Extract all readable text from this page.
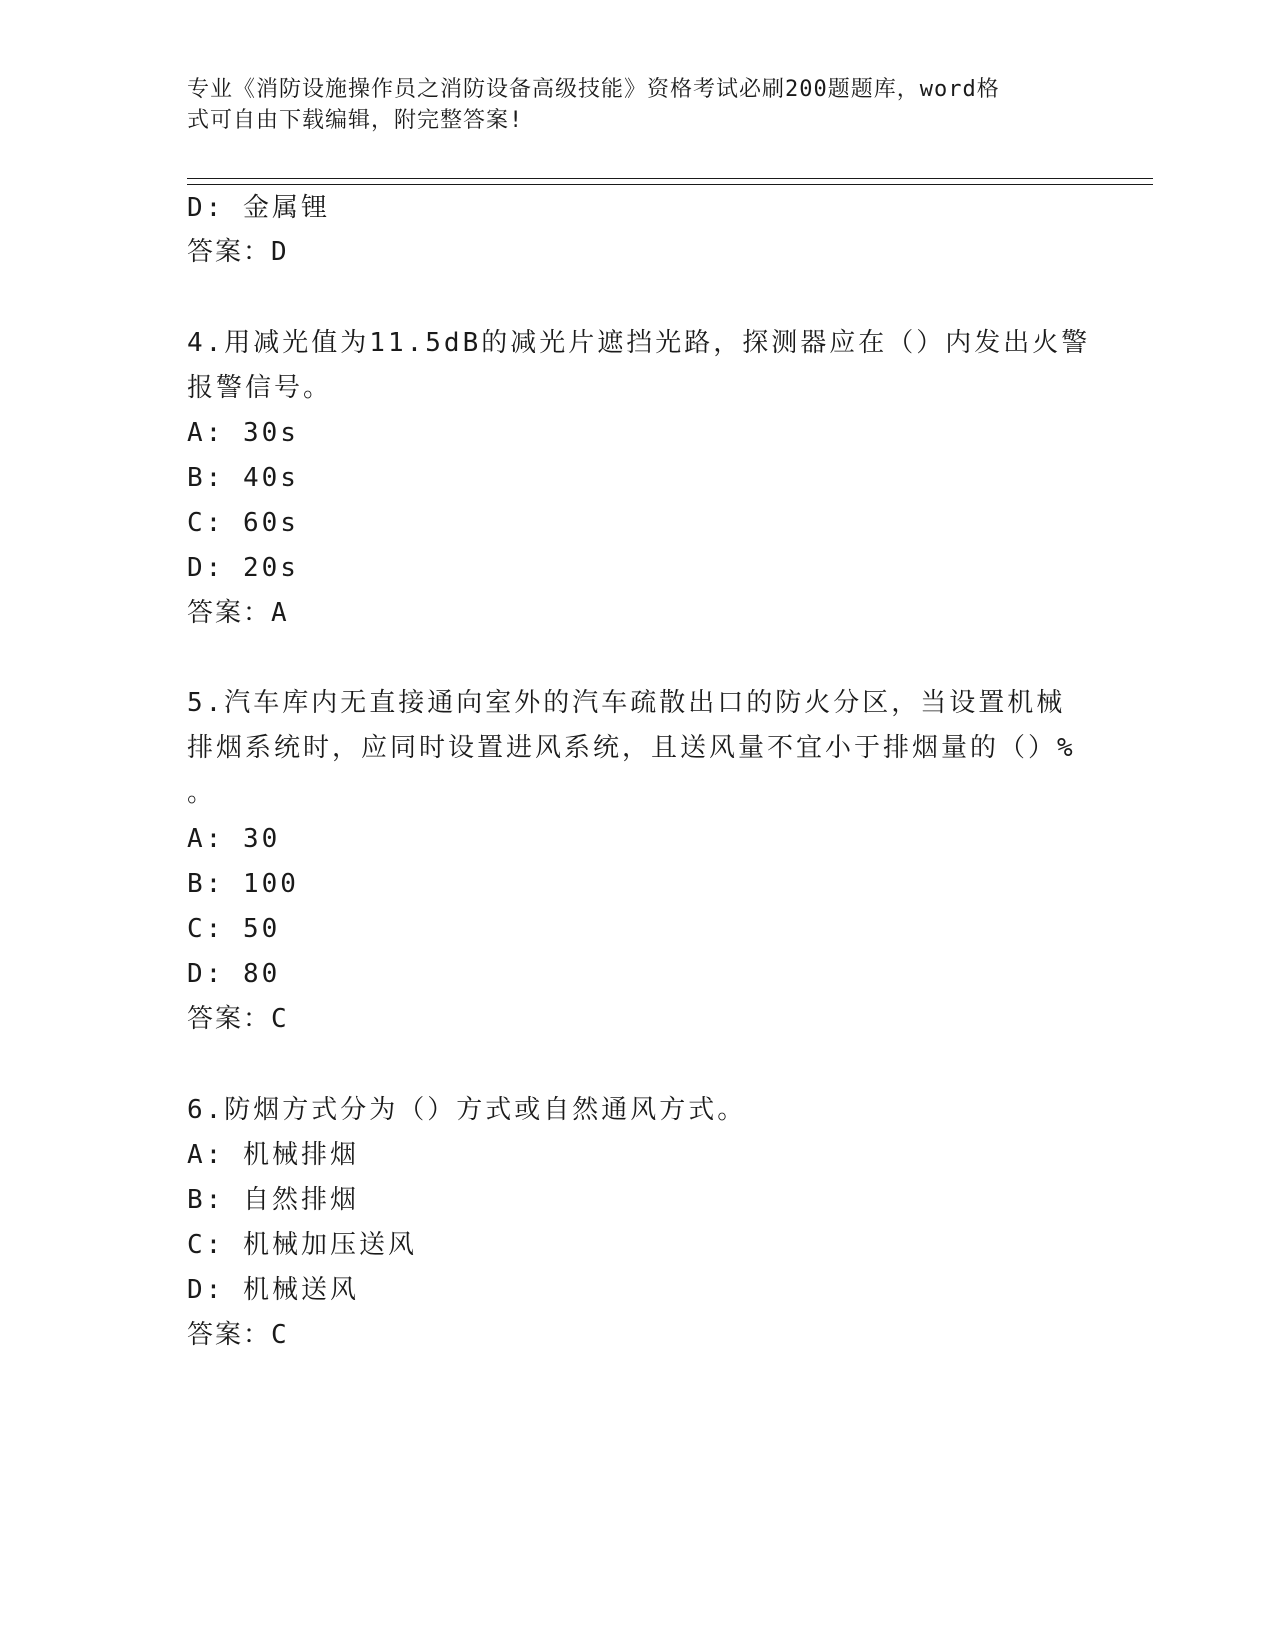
专业《消防设施操作员之消防设备高级技能》资格考试必刷200题题库，word格
式可自由下载编辑，附完整答案!
D: 金属锂
答案：D
4.用减光值为11.5dB的减光片遮挡光路，探测器应在（）内发出火警
报警信号。
A: 30s
B: 40s
C: 60s
D: 20s
答案：A
5.汽车库内无直接通向室外的汽车疏散出口的防火分区，当设置机械
排烟系统时，应同时设置进风系统，且送风量不宜小于排烟量的（）%
。
A: 30
B: 100
C: 50
D: 80
答案：C
6.防烟方式分为（）方式或自然通风方式。
A: 机械排烟
B: 自然排烟
C: 机械加压送风
D: 机械送风
答案：C
